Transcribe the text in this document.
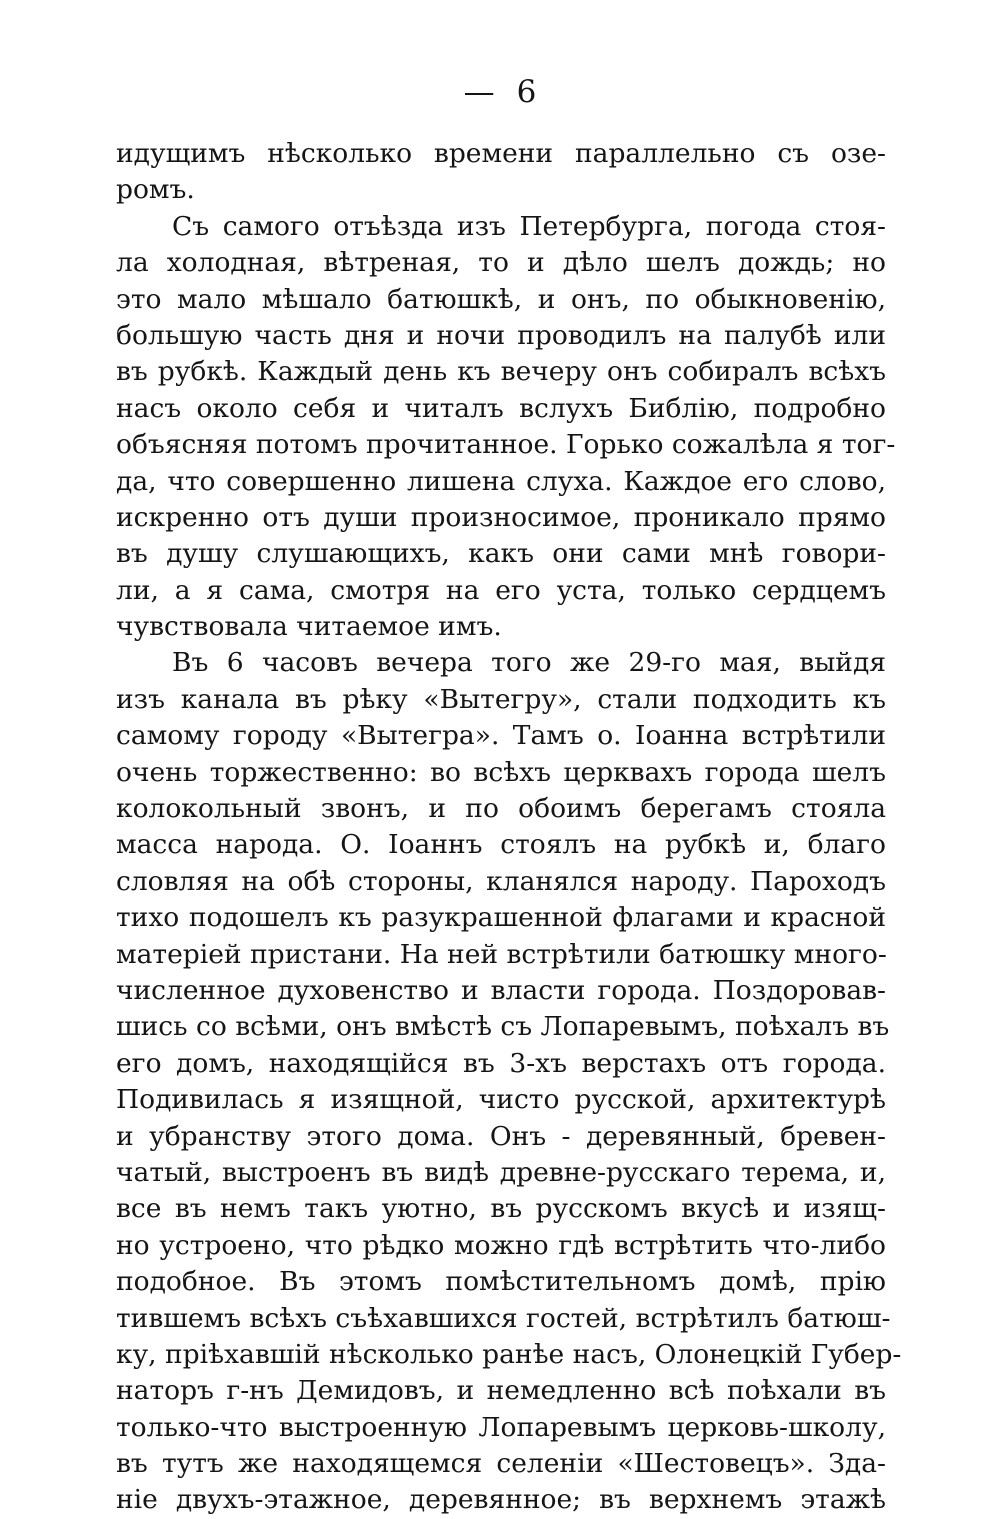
— 6
идущимъ нѣсколько времени параллельно съ озе-
ромъ.
Съ самого отъѣзда изъ Петербурга, погода стоя-
ла холодная, вѣтреная, то и дѣло шелъ дождь; но
это мало мѣшало батюшкѣ, и онъ, по обыкновенію,
большую часть дня и ночи проводилъ на палубѣ или
въ рубкѣ. Каждый день къ вечеру онъ собиралъ всѣхъ
насъ около себя и читалъ вслухъ Библію, подробно
объясняя потомъ прочитанное. Горько сожалѣла я тог-
да, что совершенно лишена слуха. Каждое его слово,
искренно отъ души произносимое, проникало прямо
въ душу слушающихъ, какъ они сами мнѣ говори-
ли, а я сама, смотря на его уста, только сердцемъ
чувствовала читаемое имъ.
Въ 6 часовъ вечера того же 29-го мая, выйдя
изъ канала въ рѣку «Вытегру», стали подходить къ
самому городу «Вытегра». Тамъ о. Іоанна встрѣтили
очень торжественно: во всѣхъ церквахъ города шелъ
колокольный звонъ, и по обоимъ берегамъ стояла
масса народа. О. Іоаннъ стоялъ на рубкѣ и, благо
словляя на обѣ стороны, кланялся народу. Пароходъ
тихо подошелъ къ разукрашенной флагами и красной
матеріей пристани. На ней встрѣтили батюшку много-
численное духовенство и власти города. Поздоровав-
шись со всѣми, онъ вмѣстѣ съ Лопаревымъ, поѣхалъ въ
его домъ, находящійся въ 3-хъ верстахъ отъ города.
Подивилась я изящной, чисто русской, архитектурѣ
и убранству этого дома. Онъ - деревянный, бревен-
чатый, выстроенъ въ видѣ древне-русскаго терема, и,
все въ немъ такъ уютно, въ русскомъ вкусѣ и изящ-
но устроено, что рѣдко можно гдѣ встрѣтить что-либо
подобное. Въ этомъ помѣстительномъ домѣ, прію
тившемъ всѣхъ съѣхавшихся гостей, встрѣтилъ батюш-
ку, пріѣхавшій нѣсколько ранѣе насъ, Олонецкій Губер-
наторъ г-нъ Демидовъ, и немедленно всѣ поѣхали въ
только-что выстроенную Лопаревымъ церковь-школу,
въ тутъ же находящемся селеніи «Шестовецъ». Зда-
ніе двухъ-этажное, деревянное; въ верхнемъ этажѣ
